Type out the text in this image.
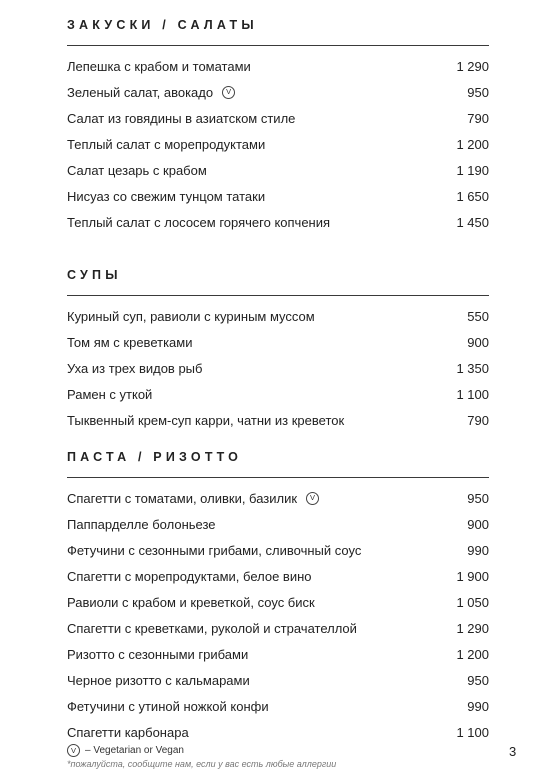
ЗАКУСКИ / САЛАТЫ
Лепешка с крабом и томатами	1 290
Зеленый салат, авокадо	V	950
Салат из говядины в азиатском стиле	790
Теплый салат с морепродуктами	1 200
Салат цезарь с крабом	1 190
Нисуаз со свежим тунцом татаки	1 650
Теплый салат с лососем горячего копчения	1 450
СУПЫ
Куриный суп, равиоли с куриным муссом	550
Том ям с креветками	900
Уха из трех видов рыб	1 350
Рамен с уткой	1 100
Тыквенный крем-суп карри, чатни из креветок	790
ПАСТА / РИЗОТТО
Спагетти с томатами, оливки, базилик	V	950
Паппарделле болоньезе	900
Фетучини с сезонными грибами, сливочный соус	990
Спагетти с морепродуктами, белое вино	1 900
Равиоли с крабом и креветкой, соус биск	1 050
Спагетти с креветками, руколой и страчателлой	1 290
Ризотто с сезонными грибами	1 200
Черное ризотто с кальмарами	950
Фетучини с утиной ножкой конфи	990
Спагетти карбонара	1 100
V – Vegetarian or Vegan
*пожалуйста, сообщите нам, если у вас есть любые аллергии
3
